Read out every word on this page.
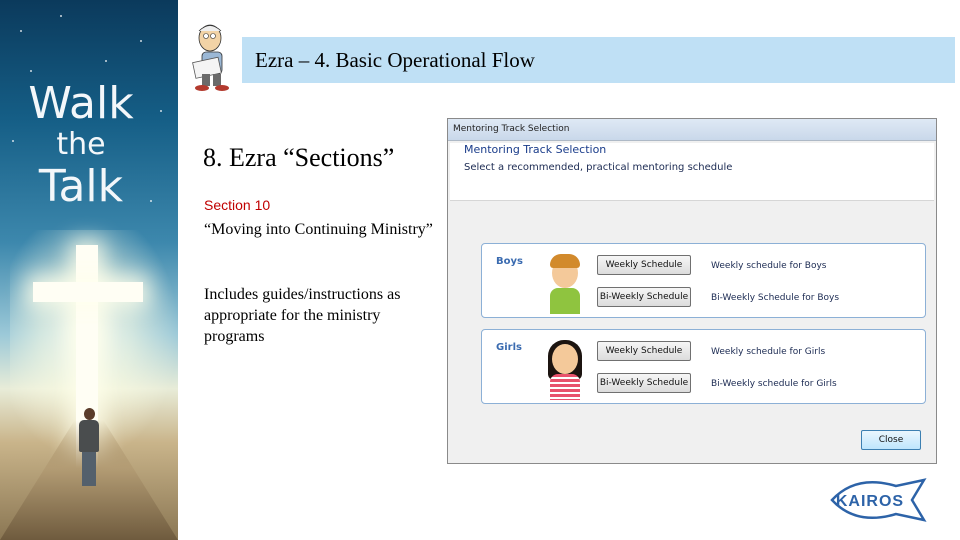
Walk
the
Talk
Ezra – 4. Basic Operational Flow
8. Ezra “Sections”
Section 10
“Moving into Continuing Ministry”
Includes guides/instructions as appropriate for the ministry programs
Mentoring Track Selection
Mentoring Track Selection
Select a recommended, practical mentoring schedule
Boys	Weekly Schedule	Weekly schedule for Boys
Bi-Weekly Schedule	Bi-Weekly Schedule for Boys
Girls	Weekly Schedule	Weekly schedule for Girls
Bi-Weekly Schedule	Bi-Weekly schedule for Girls
Close
KAIROS
